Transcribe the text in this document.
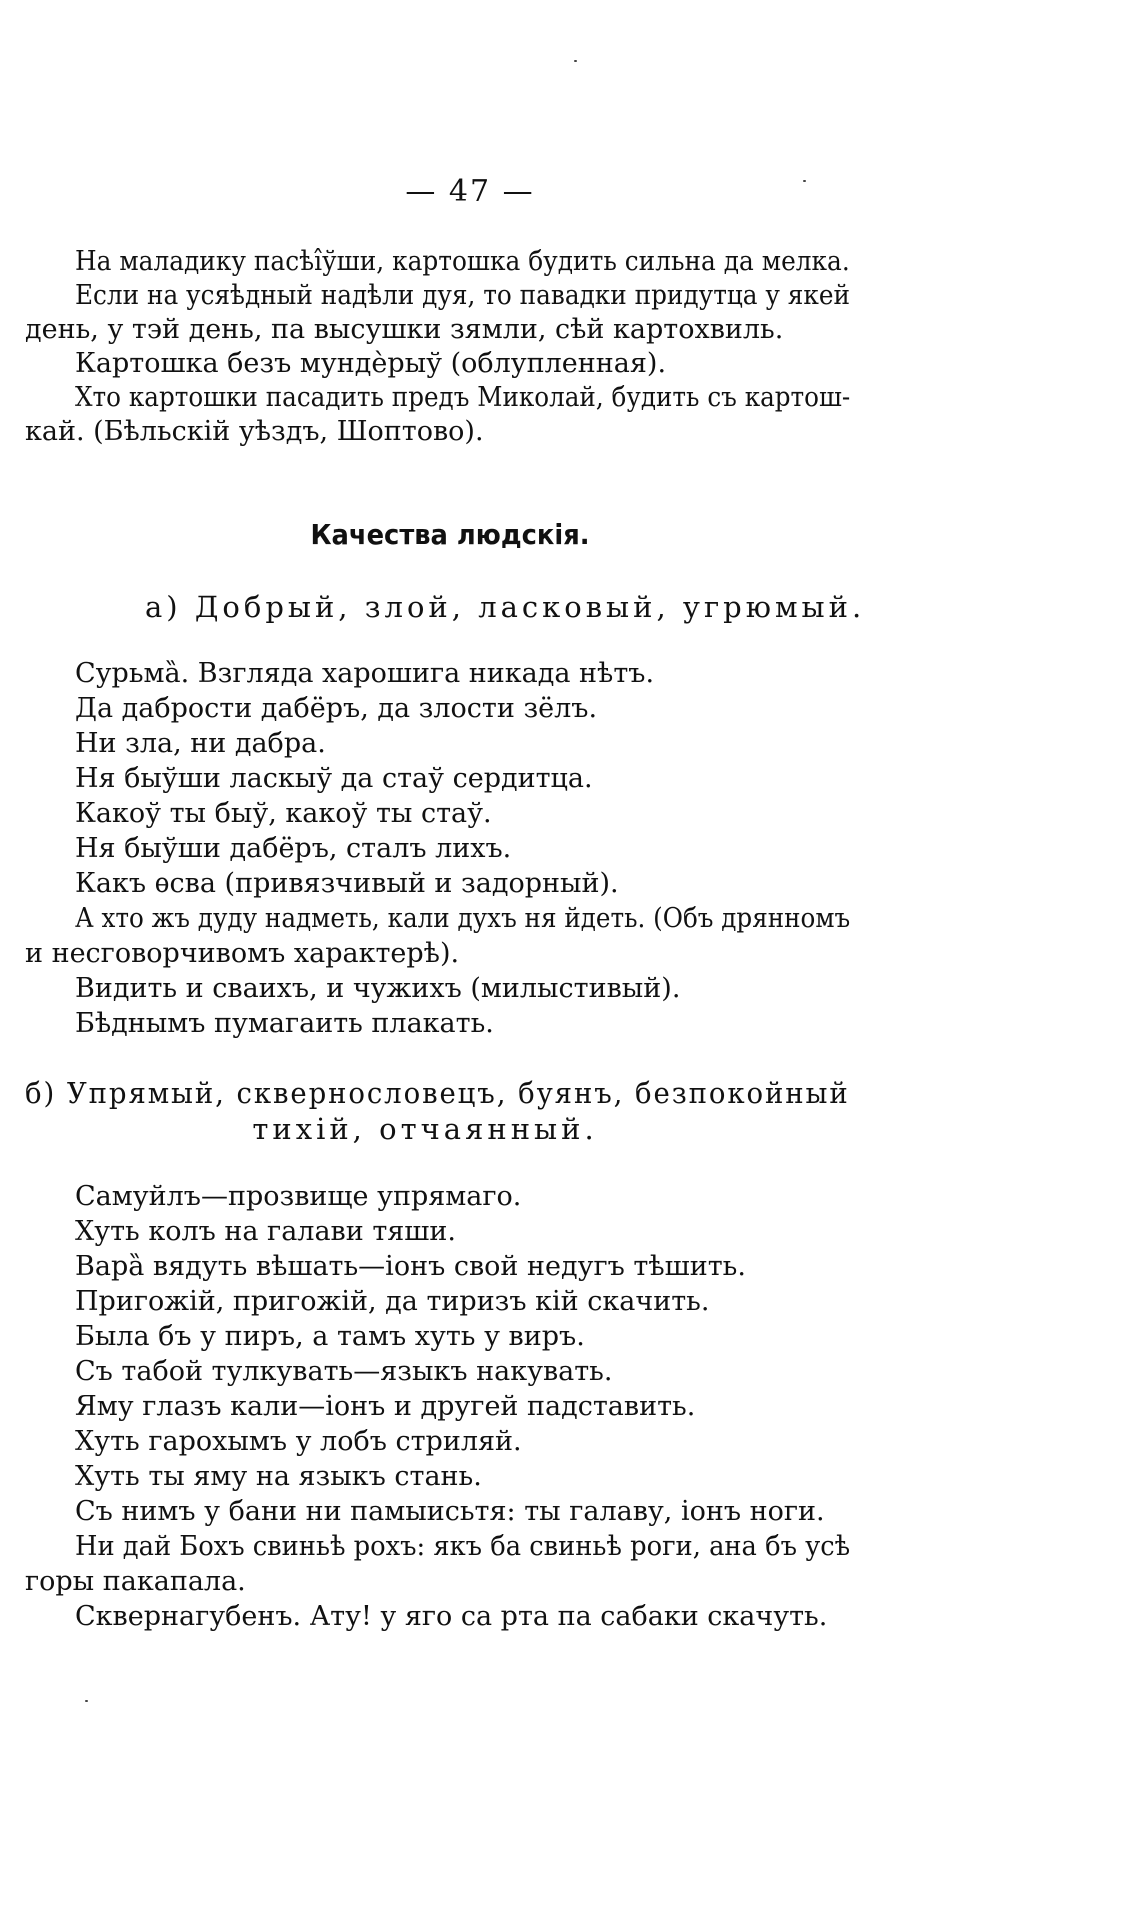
— 47 —
На маладику пасѣі̂ўши, картошка будить сильна да мелка.
Если на усяѣдный надѣли дуя, то павадки придутца у якей
день, у тэй день, па высушки зямли, сѣй картохвиль.
Картошка безъ мундѐрыў (облупленная).
Хто картошки пасадить предъ Миколай, будить съ картош-
кай. (Бѣльскій уѣздъ, Шоптово).
Качества людскія.
а) Добрый, злой, ласковый, угрюмый.
Сурьмȁ. Взгляда харошига никада нѣтъ.
Да дабрости дабёръ, да злости зёлъ.
Ни зла, ни дабра.
Ня быўши ласкыў да стаў сердитца.
Какоў ты быў, какоў ты стаў.
Ня быўши дабёръ, сталъ лихъ.
Какъ ѳсва (привязчивый и задорный).
А хто жъ дуду надметь, кали духъ ня йдеть. (Объ дрянномъ
и несговорчивомъ характерѣ).
Видить и сваихъ, и чужихъ (милыстивый).
Бѣднымъ пумагаить плакать.
б) Упрямый, сквернословецъ, буянъ, безпокойный
тихій, отчаянный.
Самуйлъ—прозвище упрямаго.
Хуть колъ на галави тяши.
Варȁ вядуть вѣшать—іонъ свой недугъ тѣшить.
Пригожій, пригожій, да тиризъ кій скачить.
Была бъ у пиръ, а тамъ хуть у виръ.
Съ табой тулкувать—языкъ накувать.
Яму глазъ кали—іонъ и другей падставить.
Хуть гарохымъ у лобъ стриляй.
Хуть ты яму на языкъ стань.
Съ нимъ у бани ни памыисьтя: ты галаву, іонъ ноги.
Ни дай Бохъ свиньѣ рохъ: якъ ба свиньѣ роги, ана бъ усѣ
горы пакапала.
Сквернагубенъ. Ату! у яго са рта па сабаки скачуть.
